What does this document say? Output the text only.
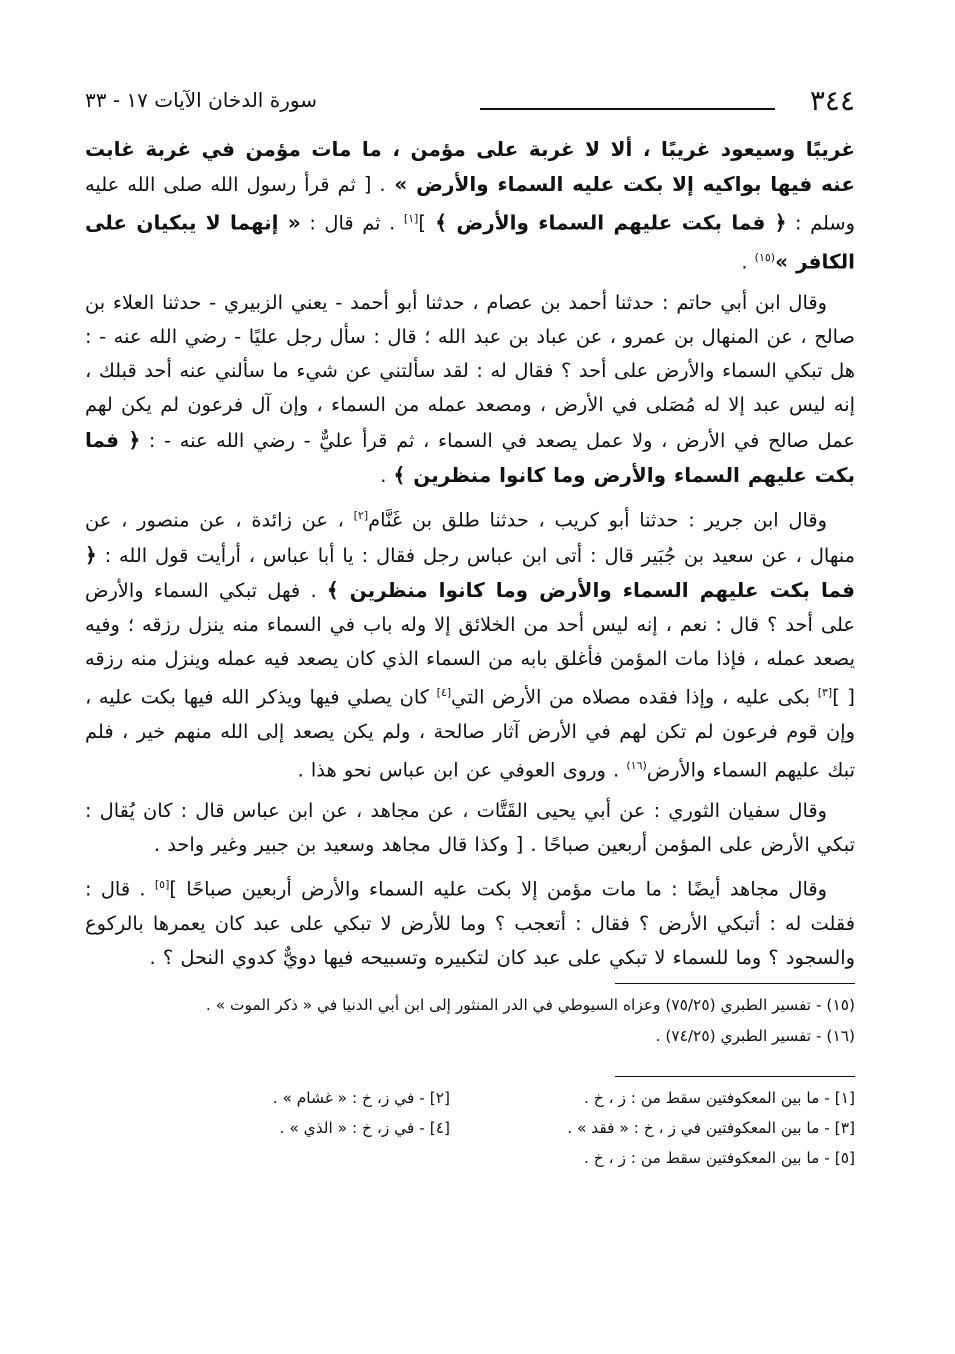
٣٤٤
سورة الدخان الآيات ١٧ - ٣٣

غريبًا وسيعود غريبًا ، ألا لا غربة على مؤمن ، ما مات مؤمن في غربة غابت عنه فيها بواكيه إلا بكت عليه السماء والأرض » . [ ثم قرأ رسول الله صلى الله عليه وسلم : ﴿ فما بكت عليهم السماء والأرض ﴾ ][١] . ثم قال : « إنهما لا يبكيان على الكافر »$^{(١٥)}$ .

وقال ابن أبي حاتم : حدثنا أحمد بن عصام ، حدثنا أبو أحمد - يعني الزبيري - حدثنا العلاء بن صالح ، عن المنهال بن عمرو ، عن عباد بن عبد الله ؛ قال : سأل رجل عليًا - رضي الله عنه - : هل تبكي السماء والأرض على أحد ؟ فقال له : لقد سألتني عن شيء ما سألني عنه أحد قبلك ، إنه ليس عبد إلا له مُصَلى في الأرض ، ومصعد عمله من السماء ، وإن آل فرعون لم يكن لهم عمل صالح في الأرض ، ولا عمل يصعد في السماء ، ثم قرأ عليٌّ - رضي الله عنه - : ﴿ فما بكت عليهم السماء والأرض وما كانوا منظرين ﴾ .

وقال ابن جرير : حدثنا أبو كريب ، حدثنا طلق بن غَنَّام[٢] ، عن زائدة ، عن منصور ، عن منهال ، عن سعيد بن جُبَير قال : أتى ابن عباس رجل فقال : يا أبا عباس ، أرأيت قول الله : ﴿ فما بكت عليهم السماء والأرض وما كانوا منظرين ﴾ . فهل تبكي السماء والأرض على أحد ؟ قال : نعم ، إنه ليس أحد من الخلائق إلا وله باب في السماء منه ينزل رزقه ؛ وفيه يصعد عمله ، فإذا مات المؤمن فأغلق بابه من السماء الذي كان يصعد فيه عمله وينزل منه رزقه [ ][٣] بكى عليه ، وإذا فقده مصلاه من الأرض التي[٤] كان يصلي فيها ويذكر الله فيها بكت عليه ، وإن قوم فرعون لم تكن لهم في الأرض آثار صالحة ، ولم يكن يصعد إلى الله منهم خير ، فلم تبك عليهم السماء والأرض$^{(١٦)}$ . وروى العوفي عن ابن عباس نحو هذا .

وقال سفيان الثوري : عن أبي يحيى القَتَّات ، عن مجاهد ، عن ابن عباس قال : كان يُقال : تبكي الأرض على المؤمن أربعين صباحًا . [ وكذا قال مجاهد وسعيد بن جبير وغير واحد .

وقال مجاهد أيضًا : ما مات مؤمن إلا بكت عليه السماء والأرض أربعين صباحًا ][٥] . قال : فقلت له : أتبكي الأرض ؟ فقال : أتعجب ؟ وما للأرض لا تبكي على عبد كان يعمرها بالركوع والسجود ؟ وما للسماء لا تبكي على عبد كان لتكبيره وتسبيحه فيها دويٌّ كدوي النحل ؟ .

(١٥) - تفسير الطبري (٧٥/٢٥) وعزاه السيوطي في الدر المنثور إلى ابن أبي الدنيا في « ذكر الموت » .
(١٦) - تفسير الطبري (٧٤/٢٥) .
[١] - ما بين المعكوفتين سقط من : ز ، خ .
[٢] - في ز، خ : « غشام » .
[٣] - ما بين المعكوفتين في ز ، خ : « فقد » .
[٤] - في ز، خ : « الذي » .
[٥] - ما بين المعكوفتين سقط من : ز ، خ .
